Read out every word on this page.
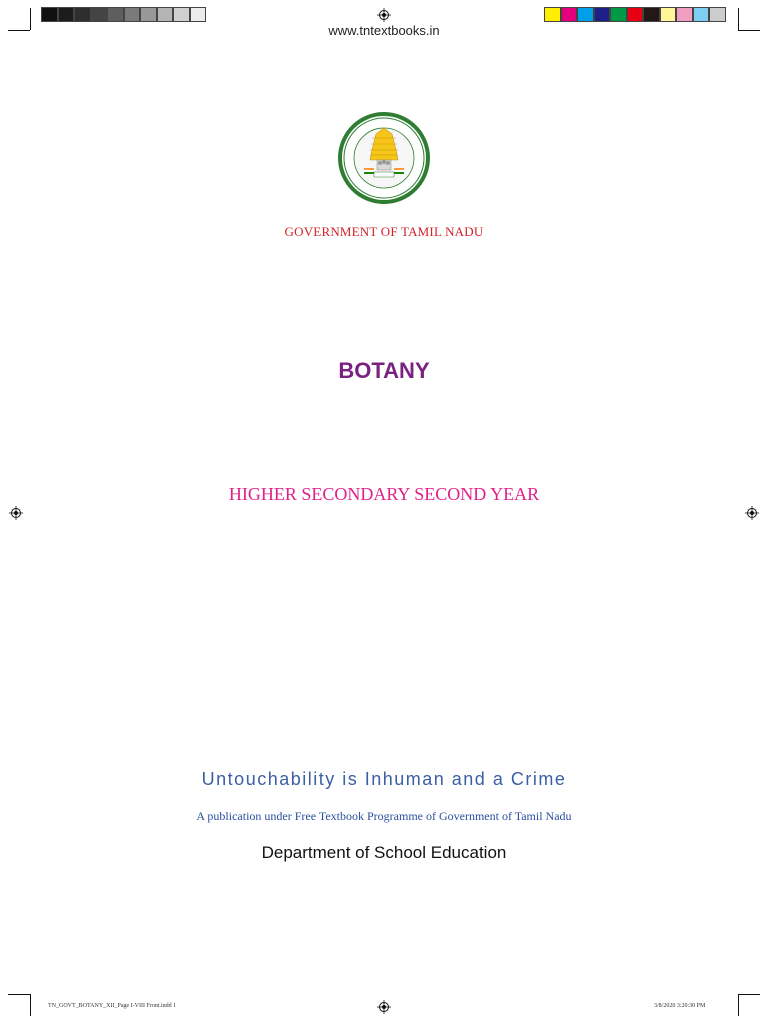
www.tntextbooks.in
GOVERNMENT OF TAMIL NADU
BOTANY
HIGHER SECONDARY SECOND YEAR
Untouchability is Inhuman and a Crime
A publication under Free Textbook Programme of Government of Tamil Nadu
Department of School Education
TN_GOVT_BOTANY_XII_Page I-VIII Front.indd 1	3/8/2020 3:20:30 PM
